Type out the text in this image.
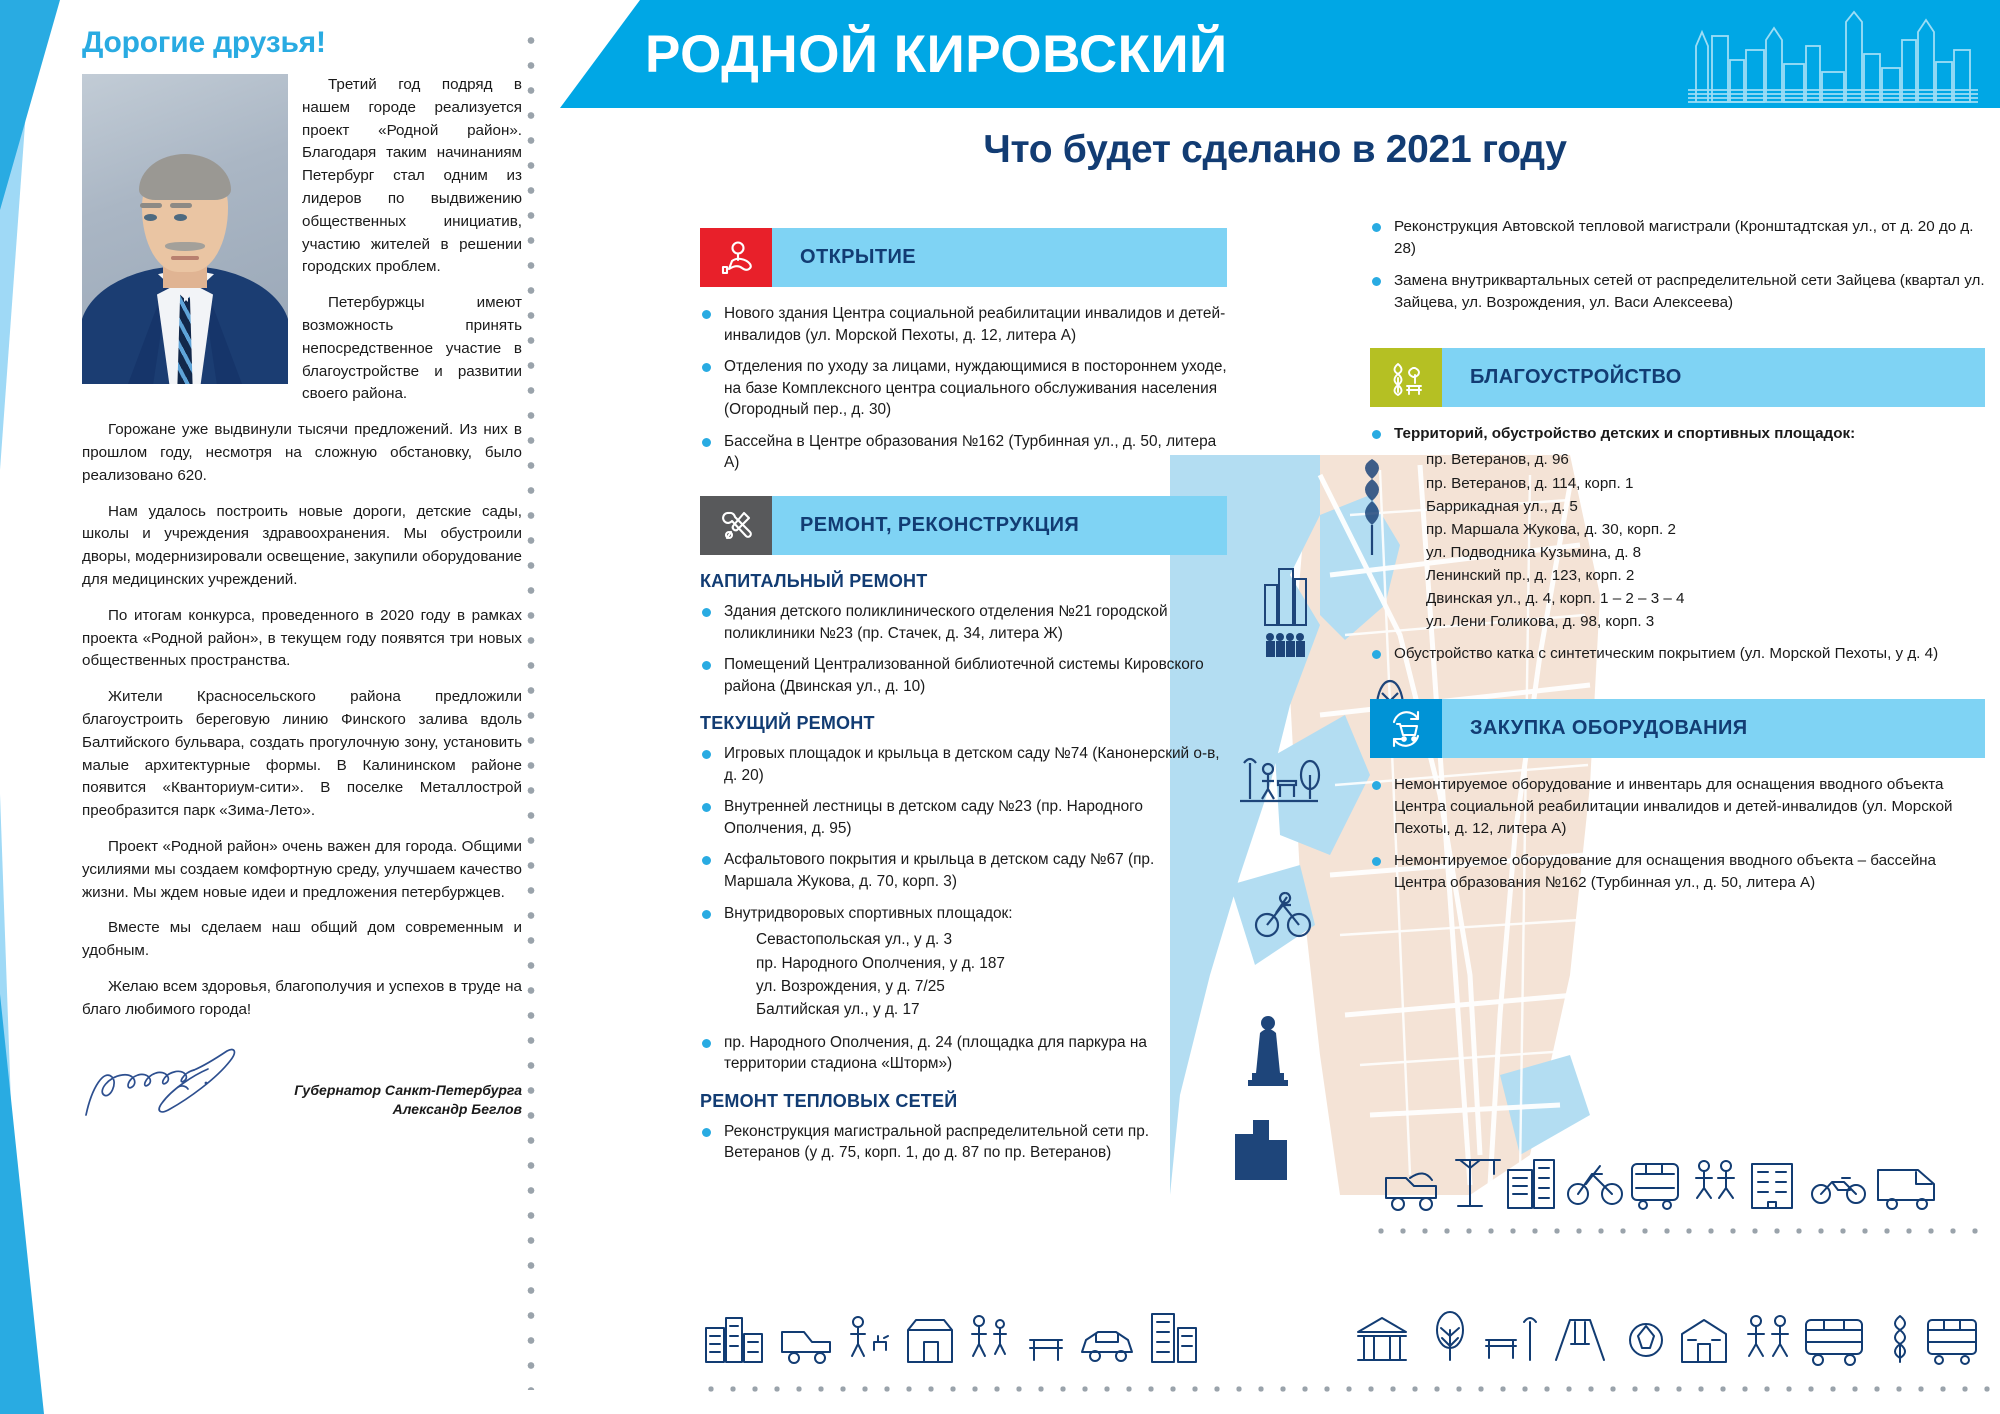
Дорогие друзья!

Третий год подряд в нашем городе реализуется проект «Родной район». Благодаря таким начинаниям Петербург стал одним из лидеров по выдвижению общественных инициатив, участию жителей в решении городских проблем.

Петербуржцы имеют возможность принять непосредственное участие в благоустройстве и развитии своего района.

Горожане уже выдвинули тысячи предложений. Из них в прошлом году, несмотря на сложную обстановку, было реализовано 620.

Нам удалось построить новые дороги, детские сады, школы и учреждения здравоохранения. Мы обустроили дворы, модернизировали освещение, закупили оборудование для медицинских учреждений.

По итогам конкурса, проведенного в 2020 году в рамках проекта «Родной район», в текущем году появятся три новых общественных пространства.

Жители Красносельского района предложили благоустроить береговую линию Финского залива вдоль Балтийского бульвара, создать прогулочную зону, установить малые архитектурные формы. В Калининском районе появится «Кванториум-сити». В поселке Металлострой преобразится парк «Зима-Лето».

Проект «Родной район» очень важен для города. Общими усилиями мы создаем комфортную среду, улучшаем качество жизни. Мы ждем новые идеи и предложения петербуржцев.

Вместе мы сделаем наш общий дом современным и удобным.

Желаю всем здоровья, благополучия и успехов в труде на благо любимого города!

Губернатор Санкт-Петербурга
Александр Беглов
РОДНОЙ КИРОВСКИЙ
Что будет сделано в 2021 году
ОТКРЫТИЕ
Нового здания Центра социальной реабилитации инвалидов и детей-инвалидов (ул. Морской Пехоты, д. 12, литера А)
Отделения по уходу за лицами, нуждающимися в постороннем уходе, на базе Комплексного центра социального обслуживания населения (Огородный пер., д. 30)
Бассейна в Центре образования №162 (Турбинная ул., д. 50, литера А)
РЕМОНТ, РЕКОНСТРУКЦИЯ
КАПИТАЛЬНЫЙ РЕМОНТ
Здания детского поликлинического отделения №21 городской поликлиники №23 (пр. Стачек, д. 34, литера Ж)
Помещений Централизованной библиотечной системы Кировского района (Двинская ул., д. 10)
ТЕКУЩИЙ РЕМОНТ
Игровых площадок и крыльца в детском саду №74 (Канонерский о-в, д. 20)
Внутренней лестницы в детском саду №23 (пр. Народного Ополчения, д. 95)
Асфальтового покрытия и крыльца в детском саду №67 (пр. Маршала Жукова, д. 70, корп. 3)
Внутридворовых спортивных площадок:
Севастопольская ул., у д. 3
пр. Народного Ополчения, у д. 187
ул. Возрождения, у д. 7/25
Балтийская ул., у д. 17
пр. Народного Ополчения, д. 24 (площадка для паркура на территории стадиона «Шторм»)
РЕМОНТ ТЕПЛОВЫХ СЕТЕЙ
Реконструкция магистральной распределительной сети пр. Ветеранов (у д. 75, корп. 1, до д. 87 по пр. Ветеранов)
Реконструкция Автовской тепловой магистрали (Кронштадтская ул., от д. 20 до д. 28)
Замена внутриквартальных сетей от распределительной сети Зайцева (квартал ул. Зайцева, ул. Возрождения, ул. Васи Алексеева)
БЛАГОУСТРОЙСТВО
Территорий, обустройство детских и спортивных площадок:
пр. Ветеранов, д. 96
пр. Ветеранов, д. 114, корп. 1
Баррикадная ул., д. 5
пр. Маршала Жукова, д. 30, корп. 2
ул. Подводника Кузьмина, д. 8
Ленинский пр., д. 123, корп. 2
Двинская ул., д. 4, корп. 1 – 2 – 3 – 4
ул. Лени Голикова, д. 98, корп. 3
Обустройство катка с синтетическим покрытием (ул. Морской Пехоты, у д. 4)
ЗАКУПКА ОБОРУДОВАНИЯ
Немонтируемое оборудование и инвентарь для оснащения вводного объекта Центра социальной реабилитации инвалидов и детей-инвалидов (ул. Морской Пехоты, д. 12, литера А)
Немонтируемое оборудование для оснащения вводного объекта – бассейна Центра образования №162 (Турбинная ул., д. 50, литера А)
